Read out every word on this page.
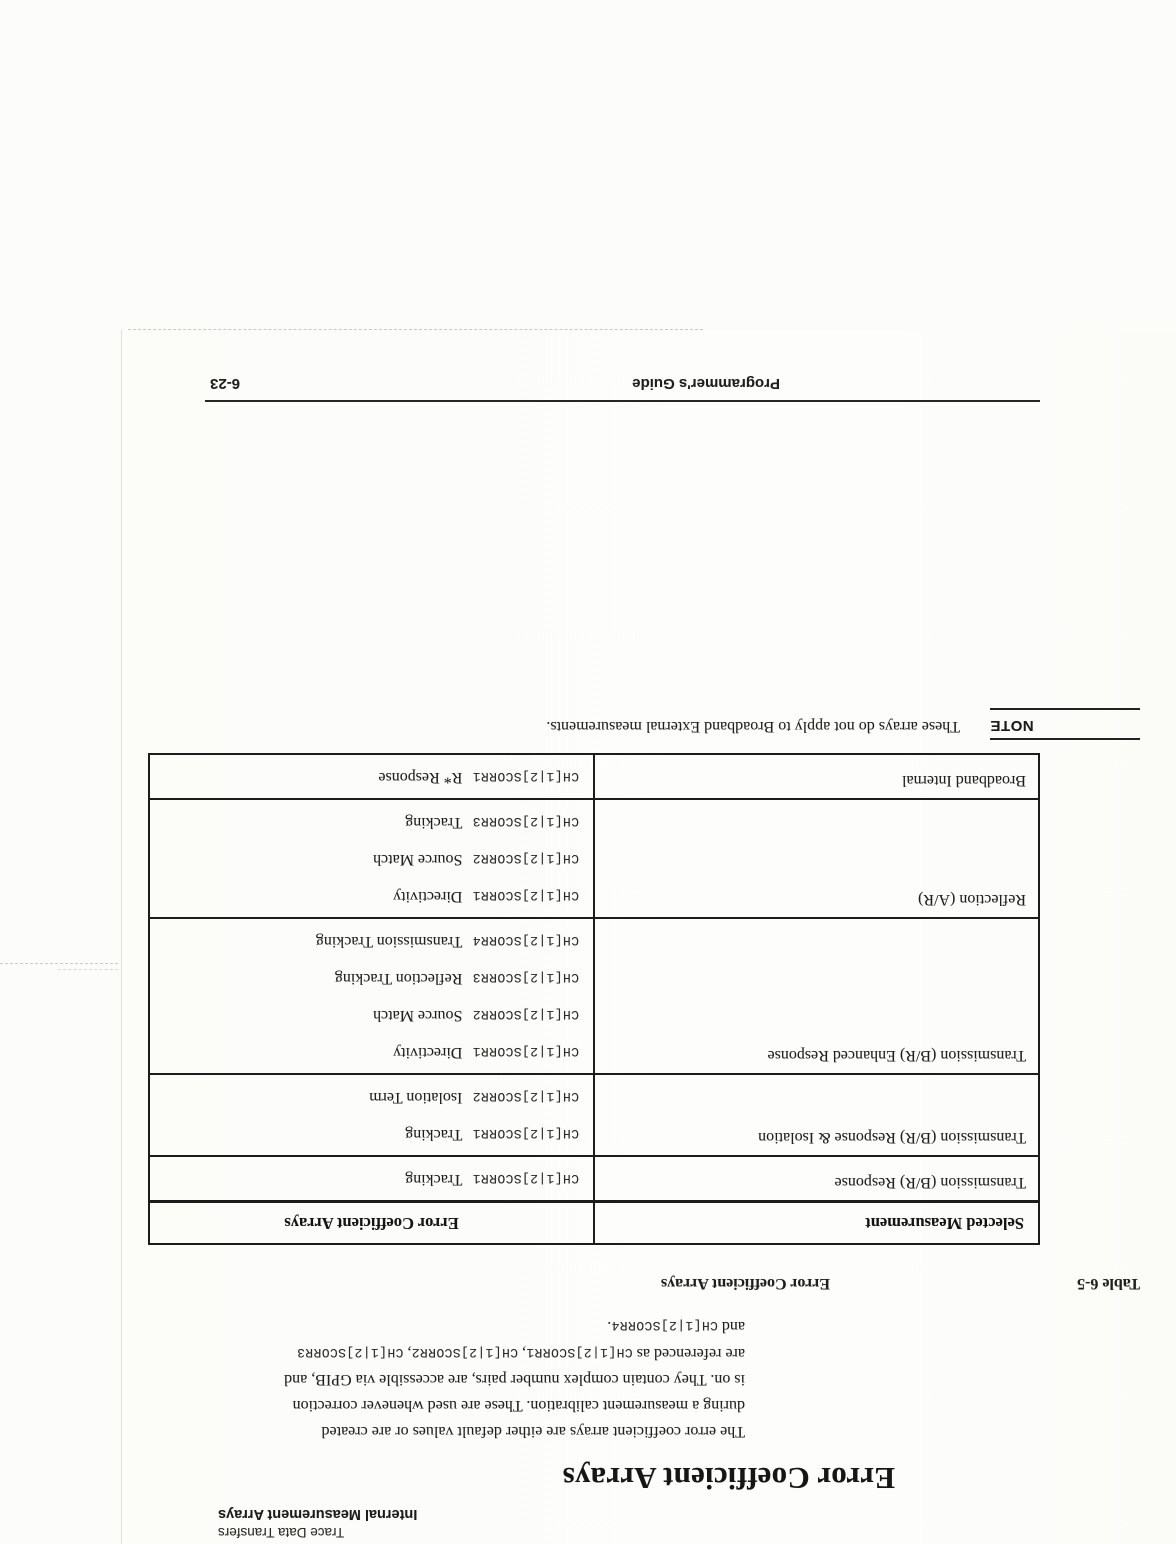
Trace Data Transfers
Internal Measurement Arrays
Error Coefficient Arrays
The error coefficient arrays are either default values or are created
during a measurement calibration. These are used whenever correction
is on. They contain complex number pairs, are accessible via GPIB, and
are referenced as CH[1|2]SCORR1, CH[1|2]SCORR2, CH[1|2]SCORR3
and CH[1|2]SCORR4.
Table 6-5
Error Coefficient Arrays
Selected Measurement	Error Coefficient Arrays
Transmission (B/R) Response	CH[1|2]SCORR1Tracking

Transmission (B/R) Response & Isolation	CH[1|2]SCORR1Tracking
CH[1|2]SCORR2Isolation Term

Transmission (B/R) Enhanced Response	CH[1|2]SCORR1Directivity
CH[1|2]SCORR2Source Match
CH[1|2]SCORR3Reflection Tracking
CH[1|2]SCORR4Transmission Tracking

Reflection (A/R)	CH[1|2]SCORR1Directivity
CH[1|2]SCORR2Source Match
CH[1|2]SCORR3Tracking

Broadband Internal	CH[1|2]SCORR1R* Response
NOTE
These arrays do not apply to Broadband External measurements.
Programmer's Guide
6-23
